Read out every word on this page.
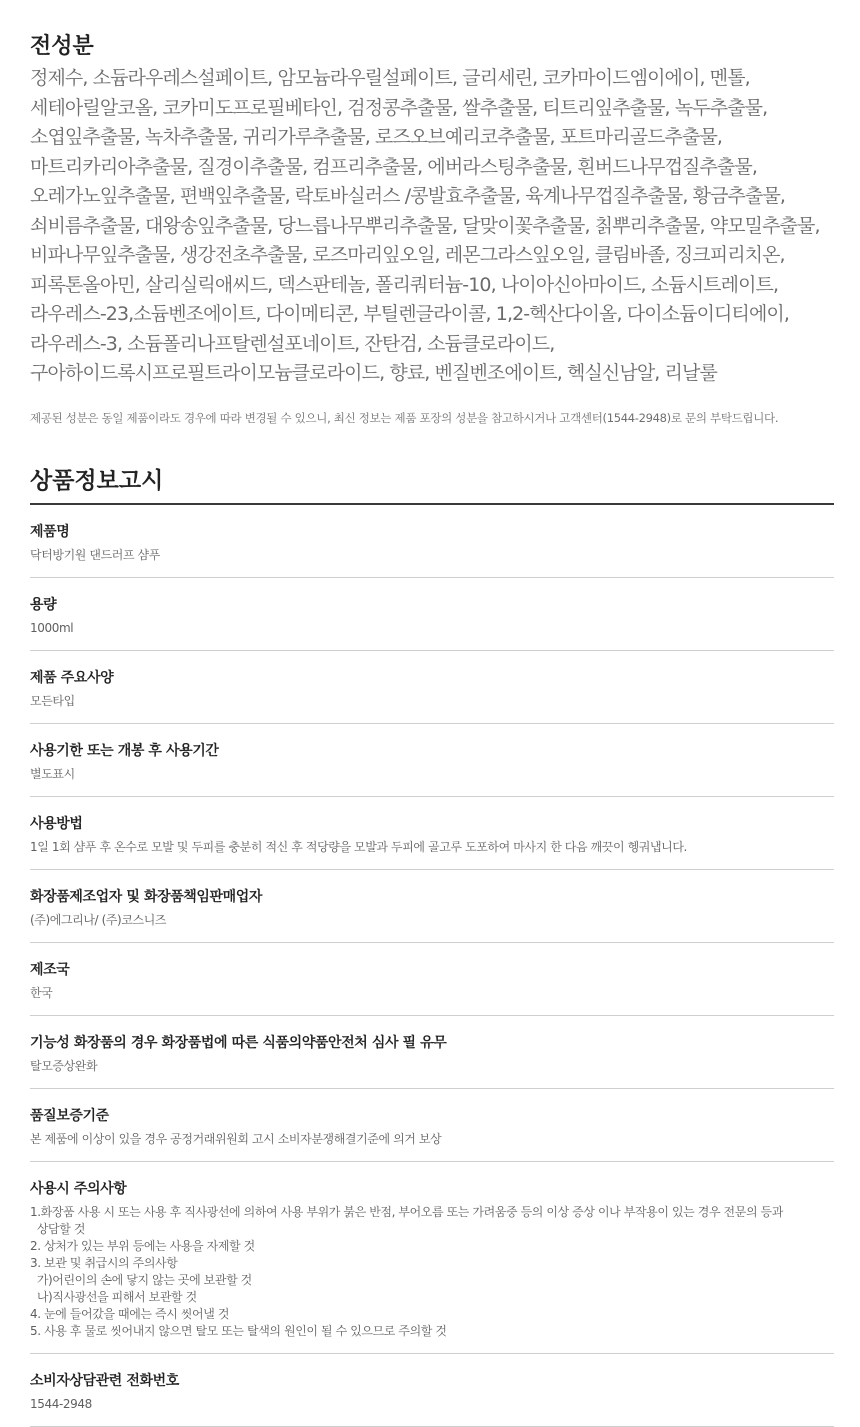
전성분

정제수, 소듐라우레스설페이트, 암모늄라우릴설페이트, 글리세린, 코카마이드엠이에이, 멘톨, 세테아릴알코올, 코카미도프로필베타인, 검정콩추출물, 쌀추출물, 티트리잎추출물, 녹두추출물, 소엽잎추출물, 녹차추출물, 귀리가루추출물, 로즈오브예리코추출물, 포트마리골드추출물, 마트리카리아추출물, 질경이추출물, 컴프리추출물, 에버라스팅추출물, 흰버드나무껍질추출물, 오레가노잎추출물, 편백잎추출물, 락토바실러스 /콩발효추출물, 육계나무껍질추출물, 황금추출물, 쇠비름추출물, 대왕송잎추출물, 당느릅나무뿌리추출물, 달맞이꽃추출물, 칡뿌리추출물, 약모밀추출물, 비파나무잎추출물, 생강전초추출물, 로즈마리잎오일, 레몬그라스잎오일, 클림바졸, 징크피리치온, 피록톤올아민, 살리실릭애씨드, 덱스판테놀, 폴리쿼터늄-10, 나이아신아마이드, 소듐시트레이트, 라우레스-23,소듐벤조에이트, 다이메티콘, 부틸렌글라이콜, 1,2-헥산다이올, 다이소듐이디티에이, 라우레스-3, 소듐폴리나프탈렌설포네이트, 잔탄검, 소듐클로라이드, 구아하이드록시프로필트라이모늄클로라이드, 향료, 벤질벤조에이트, 헥실신남알, 리날룰

제공된 성분은 동일 제품이라도 경우에 따라 변경될 수 있으니, 최신 정보는 제품 포장의 성분을 참고하시거나 고객센터(1544-2948)로 문의 부탁드립니다.
상품정보고시
제품명
닥터방기원 댄드러프 샴푸
용량
1000ml
제품 주요사양
모든타입
사용기한 또는 개봉 후 사용기간
별도표시
사용방법
1일 1회 샴푸 후 온수로 모발 및 두피를 충분히 적신 후 적당량을 모발과 두피에 골고루 도포하여 마사지 한 다음 깨끗이 헹궈냅니다.
화장품제조업자 및 화장품책임판매업자
(주)에그리나/ (주)코스니즈
제조국
한국
기능성 화장품의 경우 화장품법에 따른 식품의약품안전처 심사 필 유무
탈모증상완화
품질보증기준
본 제품에 이상이 있을 경우 공정거래위원회 고시 소비자분쟁해결기준에 의거 보상
사용시 주의사항
1.화장품 사용 시 또는 사용 후 직사광선에 의하여 사용 부위가 붉은 반점, 부어오름 또는 가려움중 등의 이상 증상 이나 부작용이 있는 경우 전문의 등과
상담할 것
2. 상처가 있는 부위 등에는 사용을 자제할 것
3. 보관 및 취급시의 주의사항
가)어린이의 손에 닿지 않는 곳에 보관할 것
나)직사광선을 피해서 보관할 것
4. 눈에 들어갔을 때에는 즉시 씻어낼 것
5. 사용 후 물로 씻어내지 않으면 탈모 또는 탈색의 원인이 될 수 있으므로 주의할 것
소비자상담관련 전화번호
1544-2948
